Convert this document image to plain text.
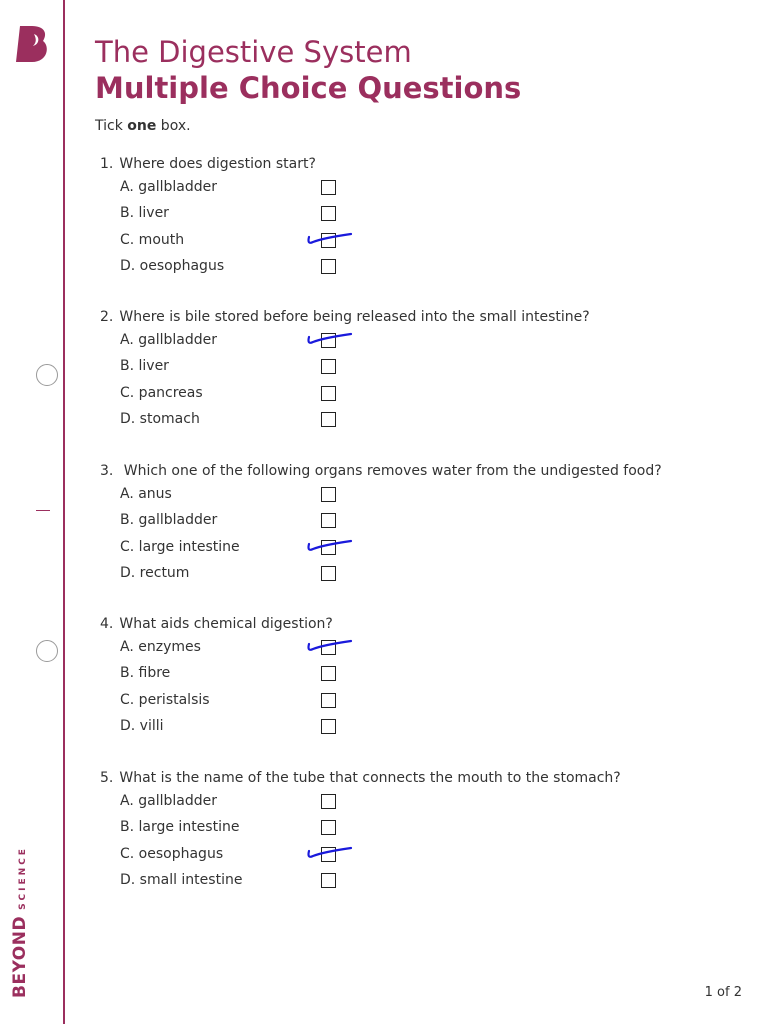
BEYONDSCIENCE
The Digestive System
Multiple Choice Questions
Tick one box.
1. Where does digestion start?
A. gallbladder
B. liver
C. mouth
D. oesophagus
2. Where is bile stored before being released into the small intestine?
A. gallbladder
B. liver
C. pancreas
D. stomach
3. Which one of the following organs removes water from the undigested food?
A. anus
B. gallbladder
C. large intestine
D. rectum
4. What aids chemical digestion?
A. enzymes
B. fibre
C. peristalsis
D. villi
5. What is the name of the tube that connects the mouth to the stomach?
A. gallbladder
B. large intestine
C. oesophagus
D. small intestine
1 of 2
